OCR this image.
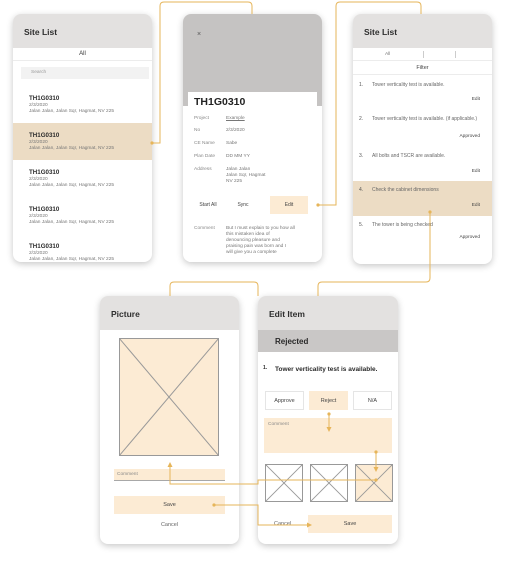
Site List
All
Search
TH1G0310
2/3/2020
Jalan Jalan, Jalan Sqr, Hagmat, NV 225
TH1G0310
2/3/2020
Jalan Jalan, Jalan Sqr, Hagmat, NV 225
TH1G0310
2/3/2020
Jalan Jalan, Jalan Sqr, Hagmat, NV 225
TH1G0310
2/3/2020
Jalan Jalan, Jalan Sqr, Hagmat, NV 225
TH1G0310
2/3/2020
Jalan Jalan, Jalan Sqr, Hagmat, NV 225
×
TH1G0310
Project	Example
No	2/3/2020
CE Name Sabe
Plan Date DD MM YY
Address	Jalan Jalan
Jalan Sqr, Hagmat
NV 225
Start All	Sync	Edit
Comment But I must explain to you how all
this mistaken idea of
denouncing pleasure and
praising pain was born and I
will give you a complete
Site List
All
Filter
1. Tower verticality test is available.
Edit
2. Tower verticality test is available. (if applicable.)
Approved
3. All bolts and TSCR are available.
Edit
4. Check the cabinet dimensions
Edit
5. The tower is being checked
Approved
Picture
Comment
Save
Cancel
Edit Item
Rejected
1. Tower verticality test is available.
Approve	Reject	N/A
Comment
Cancel	Save
